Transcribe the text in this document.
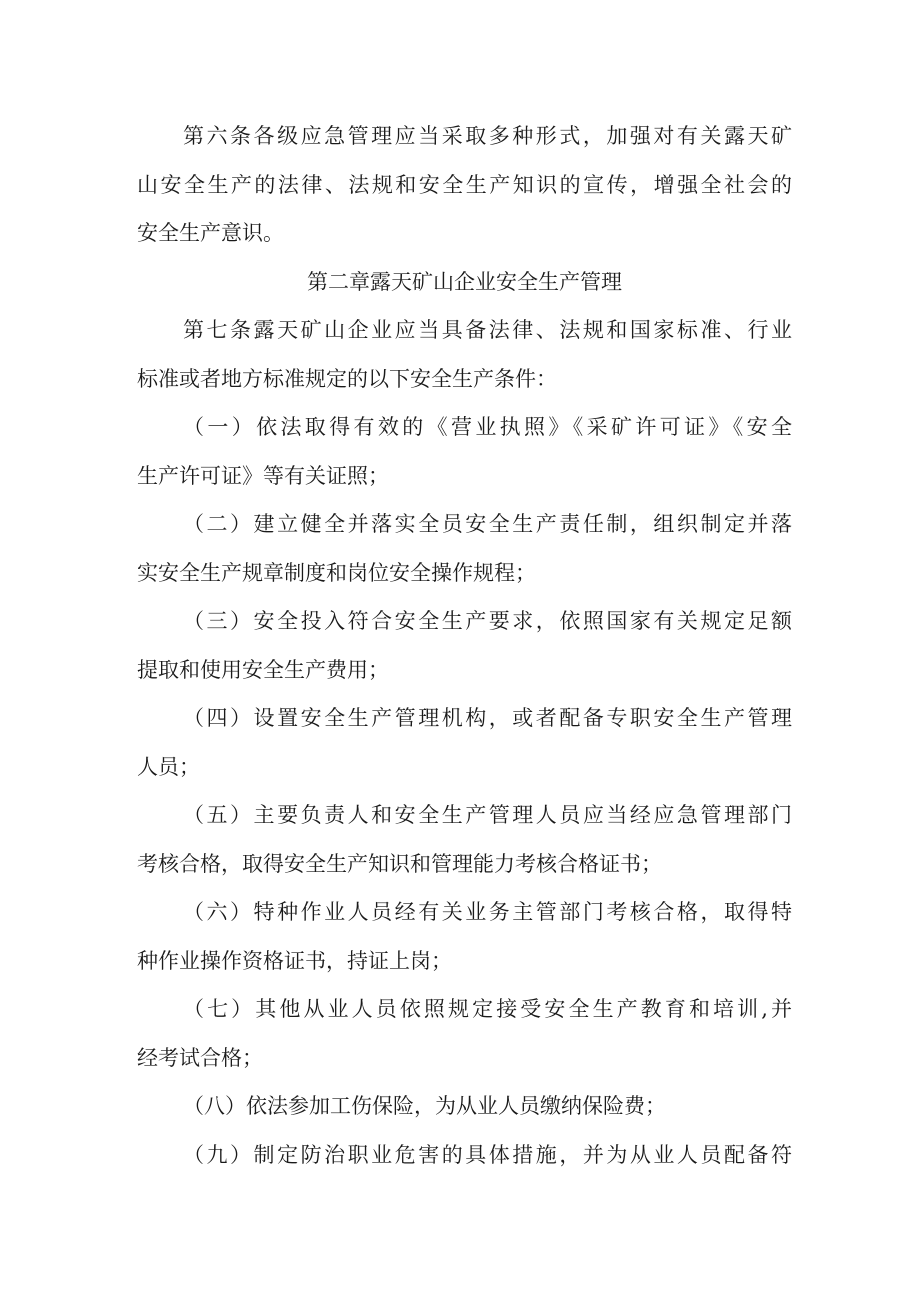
第六条各级应急管理应当采取多种形式，加强对有关露天矿
山安全生产的法律、法规和安全生产知识的宣传，增强全社会的
安全生产意识。
第二章露天矿山企业安全生产管理
第七条露天矿山企业应当具备法律、法规和国家标准、行业
标准或者地方标准规定的以下安全生产条件：
（一）依法取得有效的《营业执照》《采矿许可证》《安全
生产许可证》等有关证照；
（二）建立健全并落实全员安全生产责任制，组织制定并落
实安全生产规章制度和岗位安全操作规程；
（三）安全投入符合安全生产要求，依照国家有关规定足额
提取和使用安全生产费用；
（四）设置安全生产管理机构，或者配备专职安全生产管理
人员；
（五）主要负责人和安全生产管理人员应当经应急管理部门
考核合格，取得安全生产知识和管理能力考核合格证书；
（六）特种作业人员经有关业务主管部门考核合格，取得特
种作业操作资格证书，持证上岗；
（七）其他从业人员依照规定接受安全生产教育和培训,并
经考试合格；
（八）依法参加工伤保险，为从业人员缴纳保险费；
（九）制定防治职业危害的具体措施，并为从业人员配备符
